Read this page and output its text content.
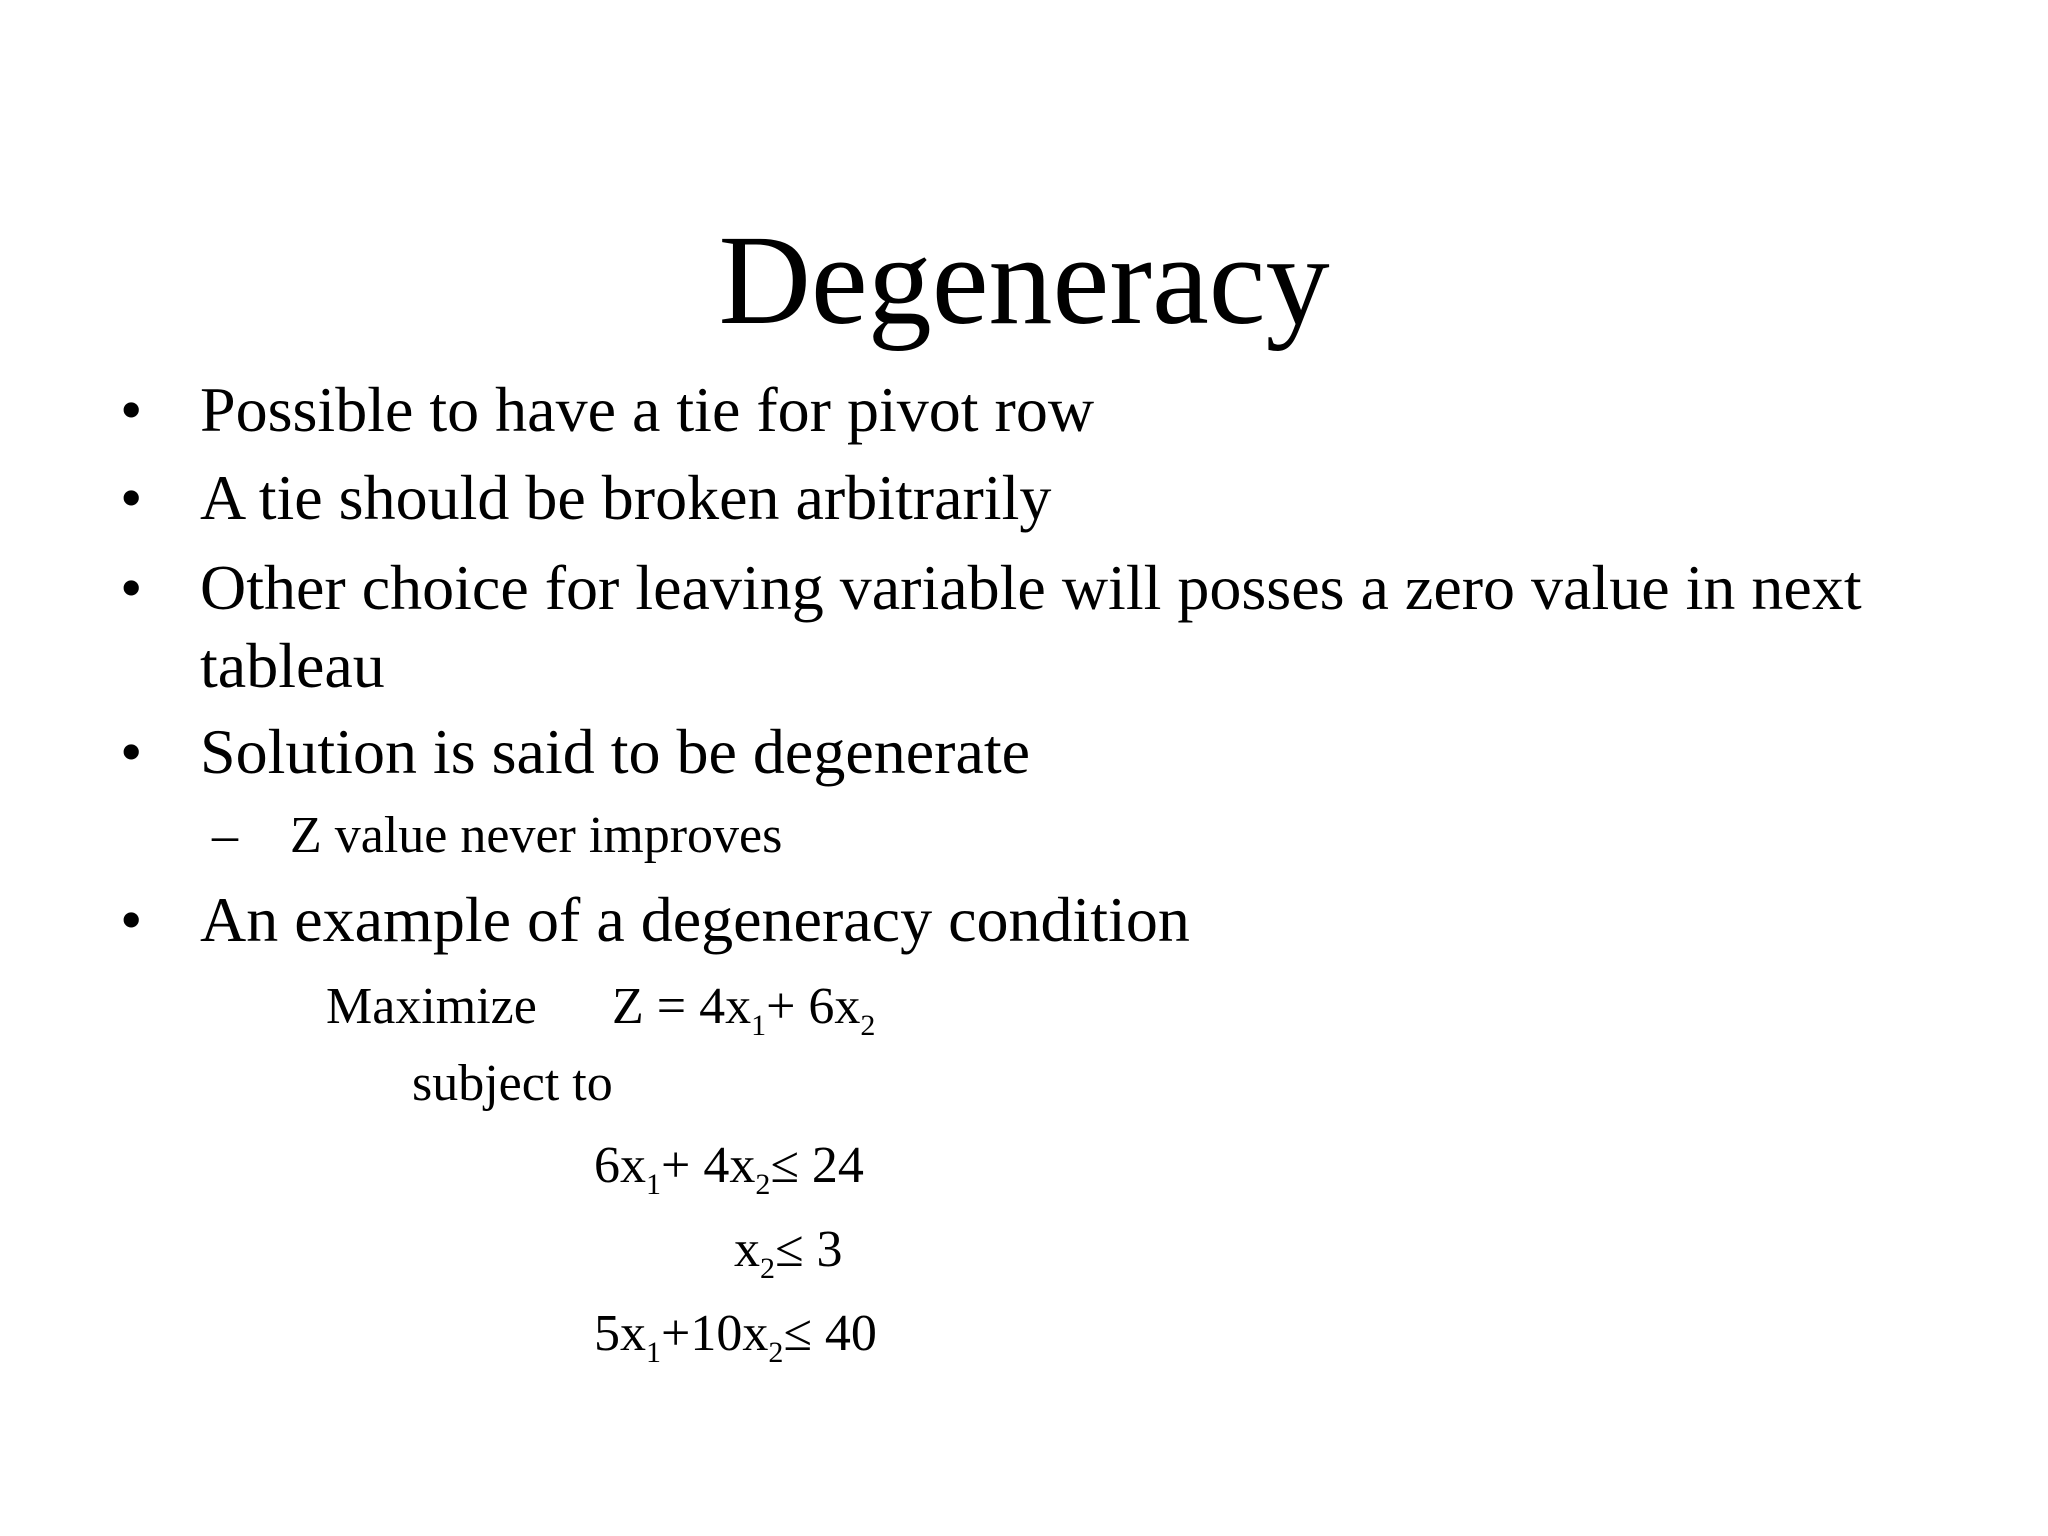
Degeneracy
• Possible to have a tie for pivot row
• A tie should be broken arbitrarily
• Other choice for leaving variable will posses a zero value in next
tableau
• Solution is said to be degenerate
– Z value never improves
• An example of a degeneracy condition
Maximize $Z = 4x_1+ 6x_2$
subject to
$6x_1+ 4x_2\le 24$
$x_2\le 3$
$5x_1+10x_2\le 40$
